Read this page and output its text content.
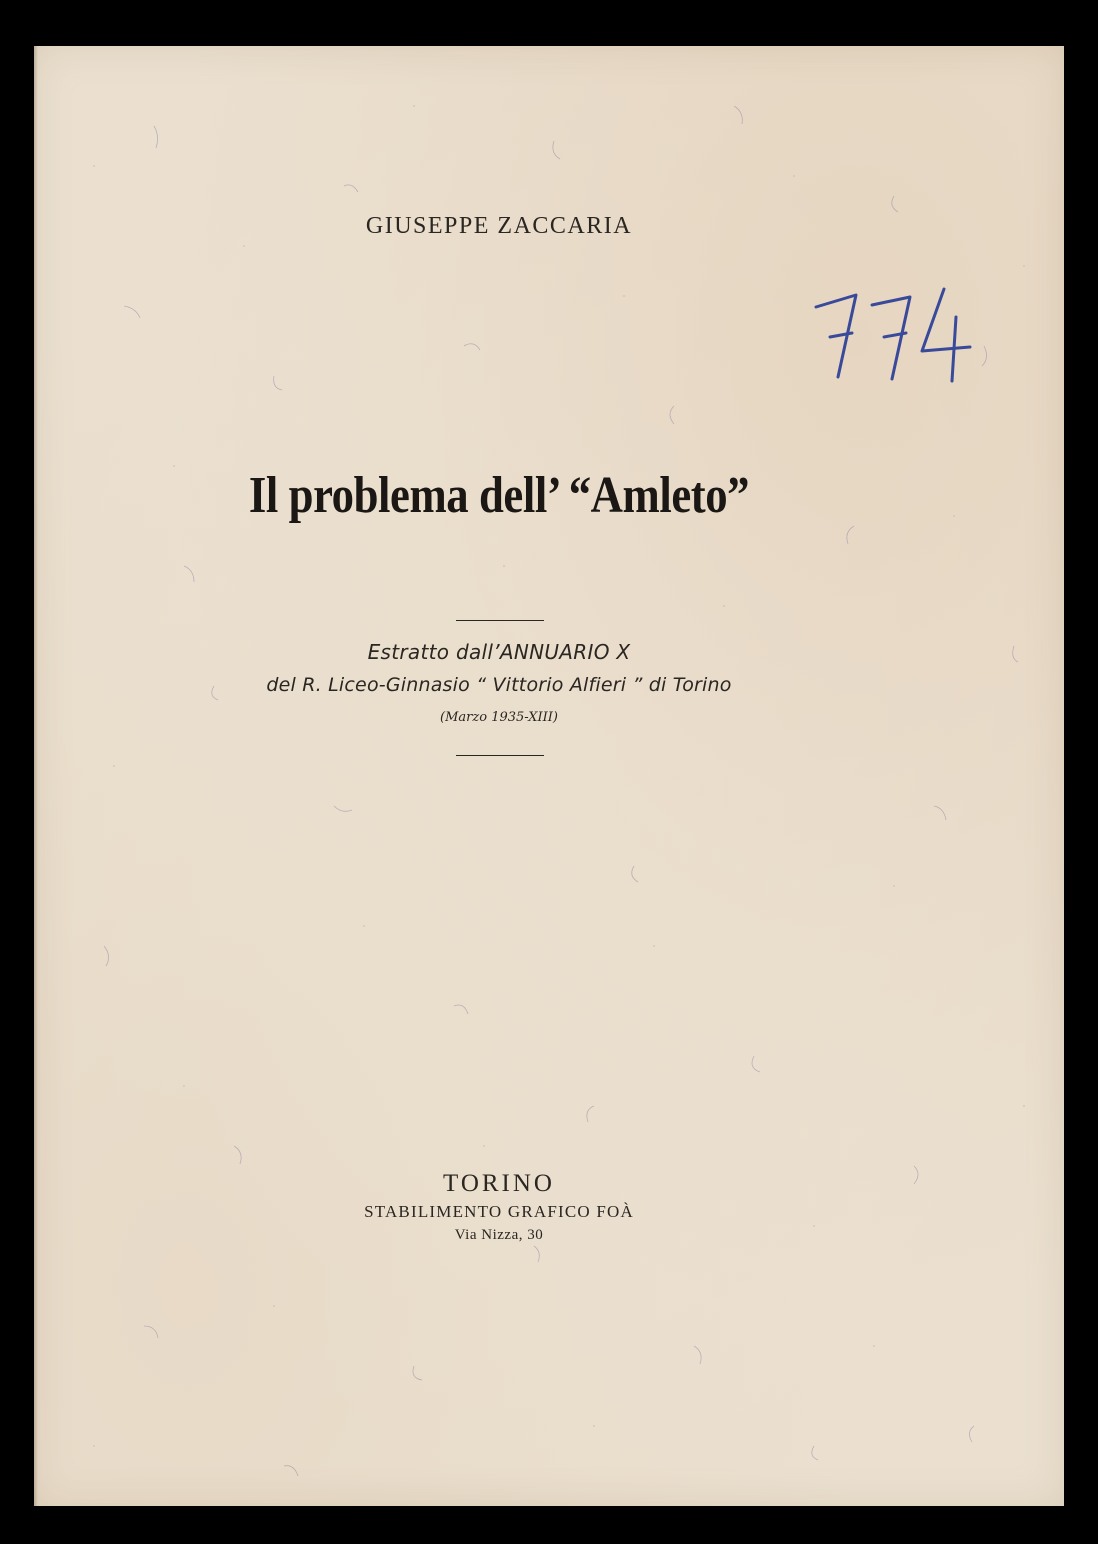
GIUSEPPE ZACCARIA
Il problema dell’ “Amleto”
Estratto dall’ANNUARIO X
del R. Liceo-Ginnasio “ Vittorio Alfieri ” di Torino
(Marzo 1935-XIII)
TORINO
STABILIMENTO GRAFICO FOÀ
Via Nizza, 30
